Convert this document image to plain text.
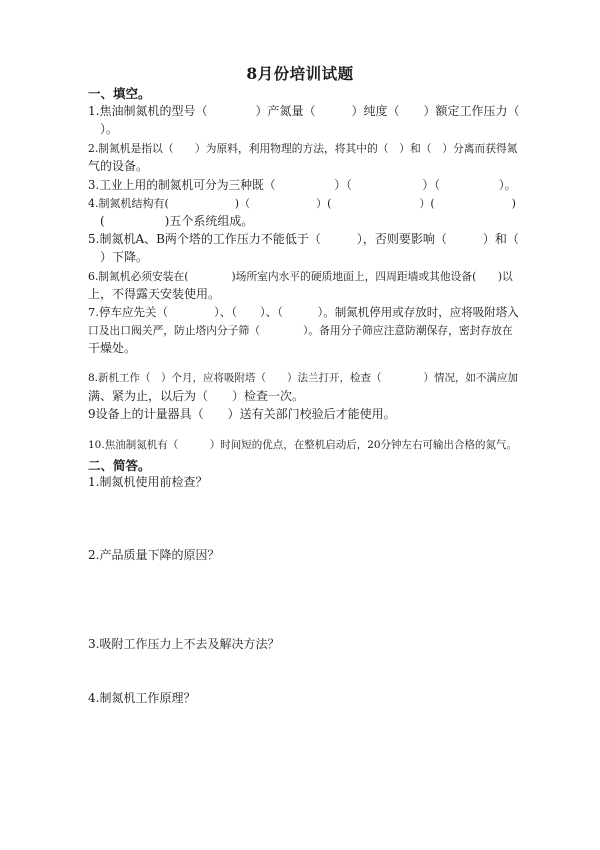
8月份培训试题
一、填空。
1.焦油制氮机的型号（　　　　）产氮量（　　　）纯度（　　）额定工作压力（
　）。
2.制氮机是指以（　　）为原料，利用物理的方法，将其中的（　）和（　）分离而获得氮
气的设备。
3.工业上用的制氮机可分为三种既（　　　　　）（　　　　　　）（　　　　　）。
4.制氮机结构有(　　　　　　)（　　　　　　）(　　　　　　　　）(　　　　　　　)
　(　　　　　)五个系统组成。
5.制氮机A、B两个塔的工作压力不能低于（　　　），否则要影响（　　　）和（
　）下降。
6.制氮机必须安装在(　　　　)场所室内水平的硬质地面上，四周距墙或其他设备(　　)以
上，不得露天安装使用。
7.停车应先关（　　　　）、（　　）、（　　　）。制氮机停用或存放时，应将吸附塔入
口及出口阀关严，防止塔内分子筛（　　　　）。备用分子筛应注意防潮保存，密封存放在
干燥处。
8.新机工作（　）个月，应将吸附塔（　　）法兰打开，检查（　　　　）情况，如不满应加
满、紧为止，以后为（　　）检查一次。
9设备上的计量器具（　　）送有关部门校验后才能使用。
10.焦油制氮机有（　　　）时间短的优点，在整机启动后，20分钟左右可输出合格的氮气。
二、简答。
1.制氮机使用前检查？
2.产品质量下降的原因？
3.吸附工作压力上不去及解决方法？
4.制氮机工作原理？
